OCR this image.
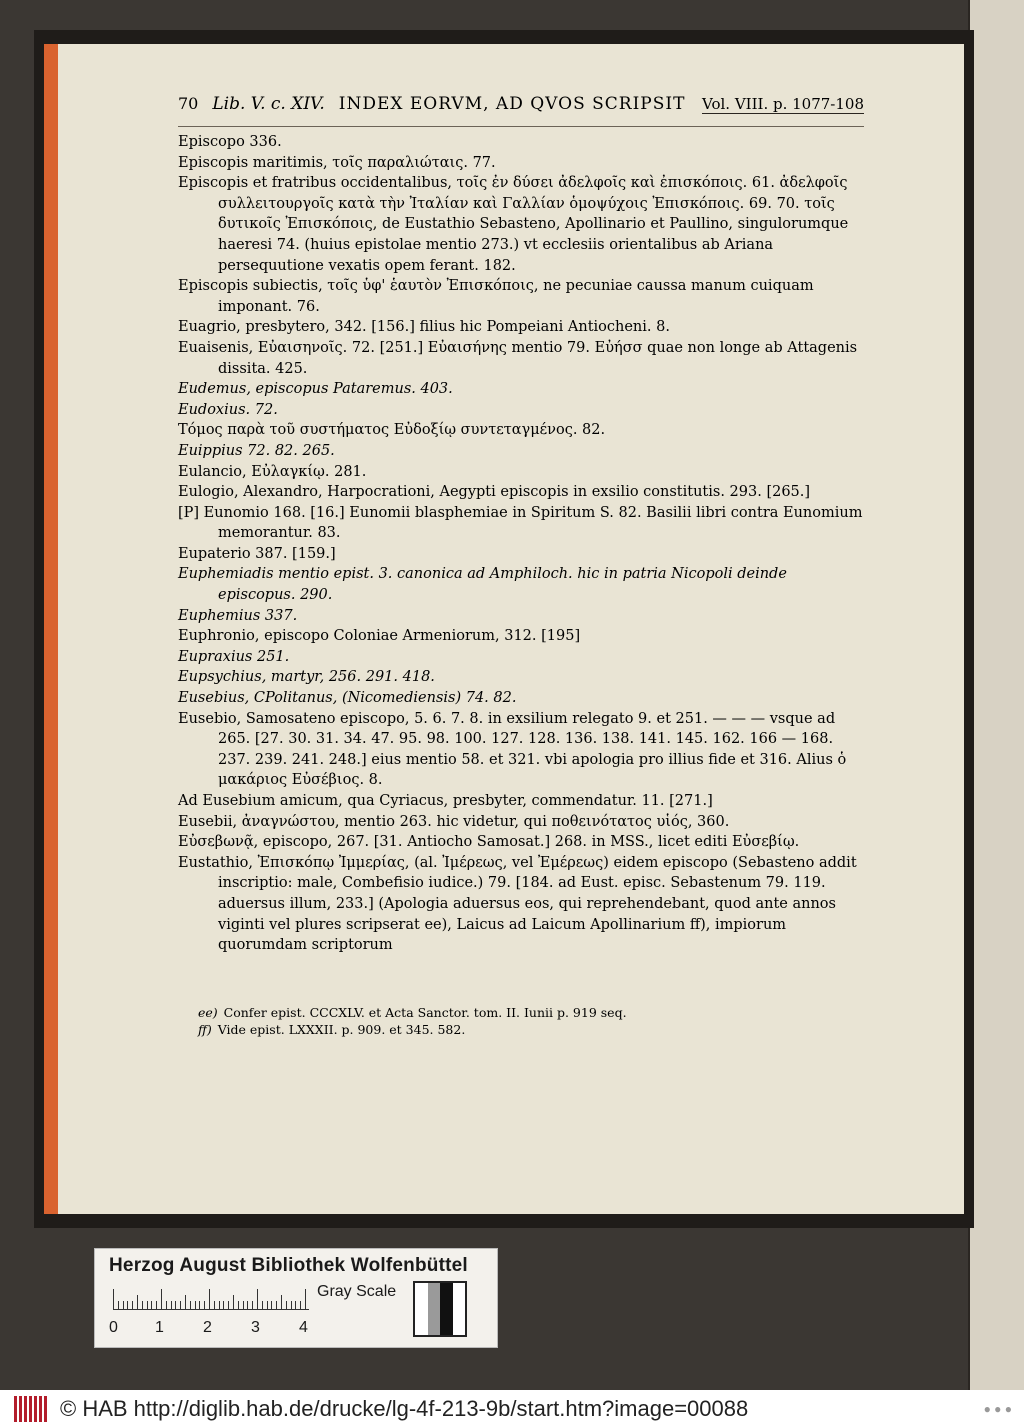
70 Lib. V. c. XIV. INDEX EORVM, AD QVOS SCRIPSIT Vol. VIII. p. 1077-108

Episcopo 336.

Episcopis maritimis, τοῖς παραλιώταις. 77.

Episcopis et fratribus occidentalibus, τοῖς ἐν δύσει ἀδελφοῖς καὶ ἐπισκόποις. 61. ἀδελφοῖς συλλειτουργοῖς κατὰ τὴν Ἰταλίαν καὶ Γαλλίαν ὁμοψύχοις Ἐπισκόποις. 69. 70. τοῖς δυτικοῖς Ἐπισκόποις, de Eustathio Sebasteno, Apollinario et Paullino, singulorumque haeresi 74. (huius epistolae mentio 273.) vt ecclesiis orientalibus ab Ariana persequutione vexatis opem ferant. 182.

Episcopis subiectis, τοῖς ὑφ' ἑαυτὸν Ἐπισκόποις, ne pecuniae caussa manum cuiquam imponant. 76.

Euagrio, presbytero, 342. [156.] filius hic Pompeiani Antiocheni. 8.

Euaisenis, Εὐαισηνοῖς. 72. [251.] Εὐαισήνης mentio 79. Εὐήσσ quae non longe ab Attagenis dissita. 425.

Eudemus, episcopus Pataremus. 403.

Eudoxius. 72.

Τόμος παρὰ τοῦ συστήματος Εὐδοξίῳ συντεταγμένος. 82.

Euippius 72. 82. 265.

Eulancio, Εὐλαγκίῳ. 281.

Eulogio, Alexandro, Harpocrationi, Aegypti episcopis in exsilio constitutis. 293. [265.]

[P] Eunomio 168. [16.] Eunomii blasphemiae in Spiritum S. 82. Basilii libri contra Eunomium memorantur. 83.

Eupaterio 387. [159.]

Euphemiadis mentio epist. 3. canonica ad Amphiloch. hic in patria Nicopoli deinde episcopus. 290.

Euphemius 337.

Euphronio, episcopo Coloniae Armeniorum, 312. [195]

Eupraxius 251.

Eupsychius, martyr, 256. 291. 418.

Eusebius, CPolitanus, (Nicomediensis) 74. 82.

Eusebio, Samosateno episcopo, 5. 6. 7. 8. in exsilium relegato 9. et 251. — — — vsque ad 265. [27. 30. 31. 34. 47. 95. 98. 100. 127. 128. 136. 138. 141. 145. 162. 166 — 168. 237. 239. 241. 248.] eius mentio 58. et 321. vbi apologia pro illius fide et 316. Alius ὁ μακάριος Εὐσέβιος. 8.

Ad Eusebium amicum, qua Cyriacus, presbyter, commendatur. 11. [271.]

Eusebii, ἀναγνώστου, mentio 263. hic videtur, qui ποθεινότατος υἱός, 360.

Εὐσεβωνᾷ, episcopo, 267. [31. Antiocho Samosat.] 268. in MSS., licet editi Εὐσεβίῳ.

Eustathio, Ἐπισκόπῳ Ἰμμερίας, (al. Ἰμέρεως, vel Ἐμέρεως) eidem episcopo (Sebasteno addit inscriptio: male, Combefisio iudice.) 79. [184. ad Eust. episc. Sebastenum 79. 119. aduersus illum, 233.] (Apologia aduersus eos, qui reprehendebant, quod ante annos viginti vel plures scripserat ee), Laicus ad Laicum Apollinarium ff), impiorum quorumdam scriptorum

ee) Confer epist. CCCXLV. et Acta Sanctor. tom. II. Iunii p. 919 seq.

ff) Vide epist. LXXXII. p. 909. et 345. 582.

Herzog August Bibliothek Wolfenbüttel
0 1 2 3 4
Gray Scale
© HAB http://diglib.hab.de/drucke/lg-4f-213-9b/start.htm?image=00088	● ● ●
